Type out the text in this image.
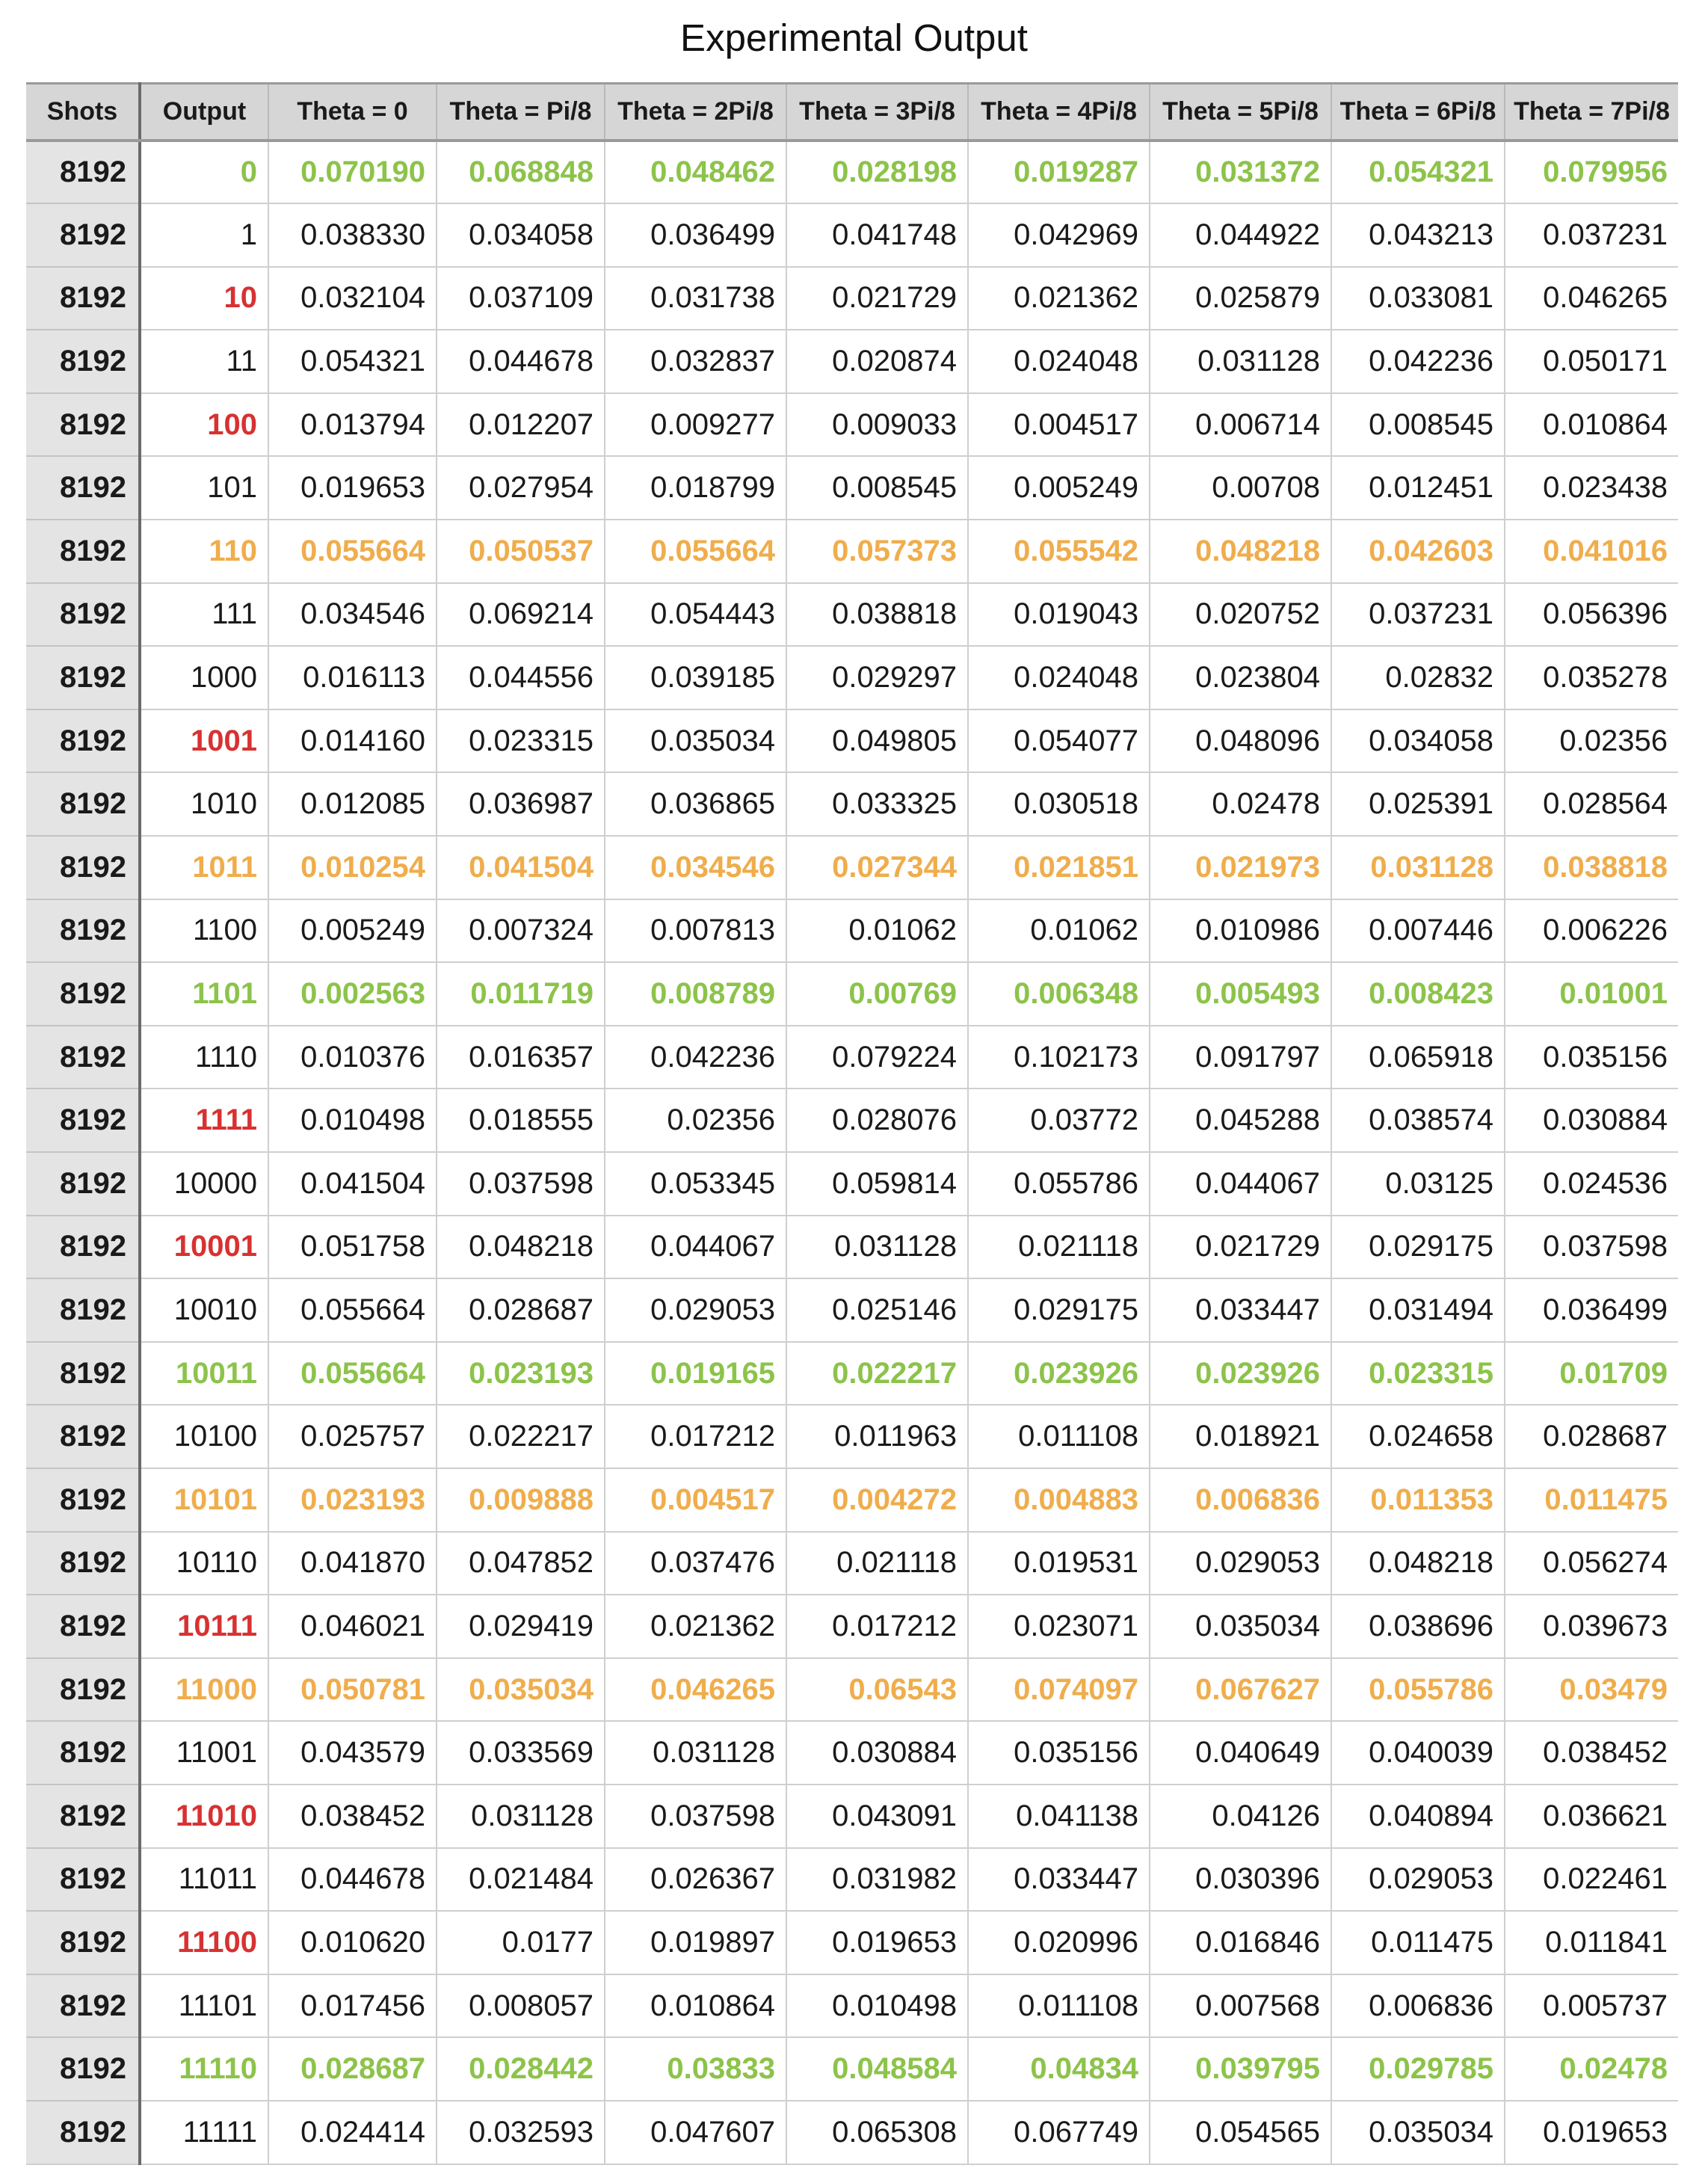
Experimental Output
Shots	Output	Theta = 0	Theta = Pi/8	Theta = 2Pi/8	Theta = 3Pi/8	Theta = 4Pi/8	Theta = 5Pi/8	Theta = 6Pi/8	Theta = 7Pi/8
8192	0	0.070190	0.068848	0.048462	0.028198	0.019287	0.031372	0.054321	0.079956
8192	1	0.038330	0.034058	0.036499	0.041748	0.042969	0.044922	0.043213	0.037231
8192	10	0.032104	0.037109	0.031738	0.021729	0.021362	0.025879	0.033081	0.046265
8192	11	0.054321	0.044678	0.032837	0.020874	0.024048	0.031128	0.042236	0.050171
8192	100	0.013794	0.012207	0.009277	0.009033	0.004517	0.006714	0.008545	0.010864
8192	101	0.019653	0.027954	0.018799	0.008545	0.005249	0.00708	0.012451	0.023438
8192	110	0.055664	0.050537	0.055664	0.057373	0.055542	0.048218	0.042603	0.041016
8192	111	0.034546	0.069214	0.054443	0.038818	0.019043	0.020752	0.037231	0.056396
8192	1000	0.016113	0.044556	0.039185	0.029297	0.024048	0.023804	0.02832	0.035278
8192	1001	0.014160	0.023315	0.035034	0.049805	0.054077	0.048096	0.034058	0.02356
8192	1010	0.012085	0.036987	0.036865	0.033325	0.030518	0.02478	0.025391	0.028564
8192	1011	0.010254	0.041504	0.034546	0.027344	0.021851	0.021973	0.031128	0.038818
8192	1100	0.005249	0.007324	0.007813	0.01062	0.01062	0.010986	0.007446	0.006226
8192	1101	0.002563	0.011719	0.008789	0.00769	0.006348	0.005493	0.008423	0.01001
8192	1110	0.010376	0.016357	0.042236	0.079224	0.102173	0.091797	0.065918	0.035156
8192	1111	0.010498	0.018555	0.02356	0.028076	0.03772	0.045288	0.038574	0.030884
8192	10000	0.041504	0.037598	0.053345	0.059814	0.055786	0.044067	0.03125	0.024536
8192	10001	0.051758	0.048218	0.044067	0.031128	0.021118	0.021729	0.029175	0.037598
8192	10010	0.055664	0.028687	0.029053	0.025146	0.029175	0.033447	0.031494	0.036499
8192	10011	0.055664	0.023193	0.019165	0.022217	0.023926	0.023926	0.023315	0.01709
8192	10100	0.025757	0.022217	0.017212	0.011963	0.011108	0.018921	0.024658	0.028687
8192	10101	0.023193	0.009888	0.004517	0.004272	0.004883	0.006836	0.011353	0.011475
8192	10110	0.041870	0.047852	0.037476	0.021118	0.019531	0.029053	0.048218	0.056274
8192	10111	0.046021	0.029419	0.021362	0.017212	0.023071	0.035034	0.038696	0.039673
8192	11000	0.050781	0.035034	0.046265	0.06543	0.074097	0.067627	0.055786	0.03479
8192	11001	0.043579	0.033569	0.031128	0.030884	0.035156	0.040649	0.040039	0.038452
8192	11010	0.038452	0.031128	0.037598	0.043091	0.041138	0.04126	0.040894	0.036621
8192	11011	0.044678	0.021484	0.026367	0.031982	0.033447	0.030396	0.029053	0.022461
8192	11100	0.010620	0.0177	0.019897	0.019653	0.020996	0.016846	0.011475	0.011841
8192	11101	0.017456	0.008057	0.010864	0.010498	0.011108	0.007568	0.006836	0.005737
8192	11110	0.028687	0.028442	0.03833	0.048584	0.04834	0.039795	0.029785	0.02478
8192	11111	0.024414	0.032593	0.047607	0.065308	0.067749	0.054565	0.035034	0.019653
